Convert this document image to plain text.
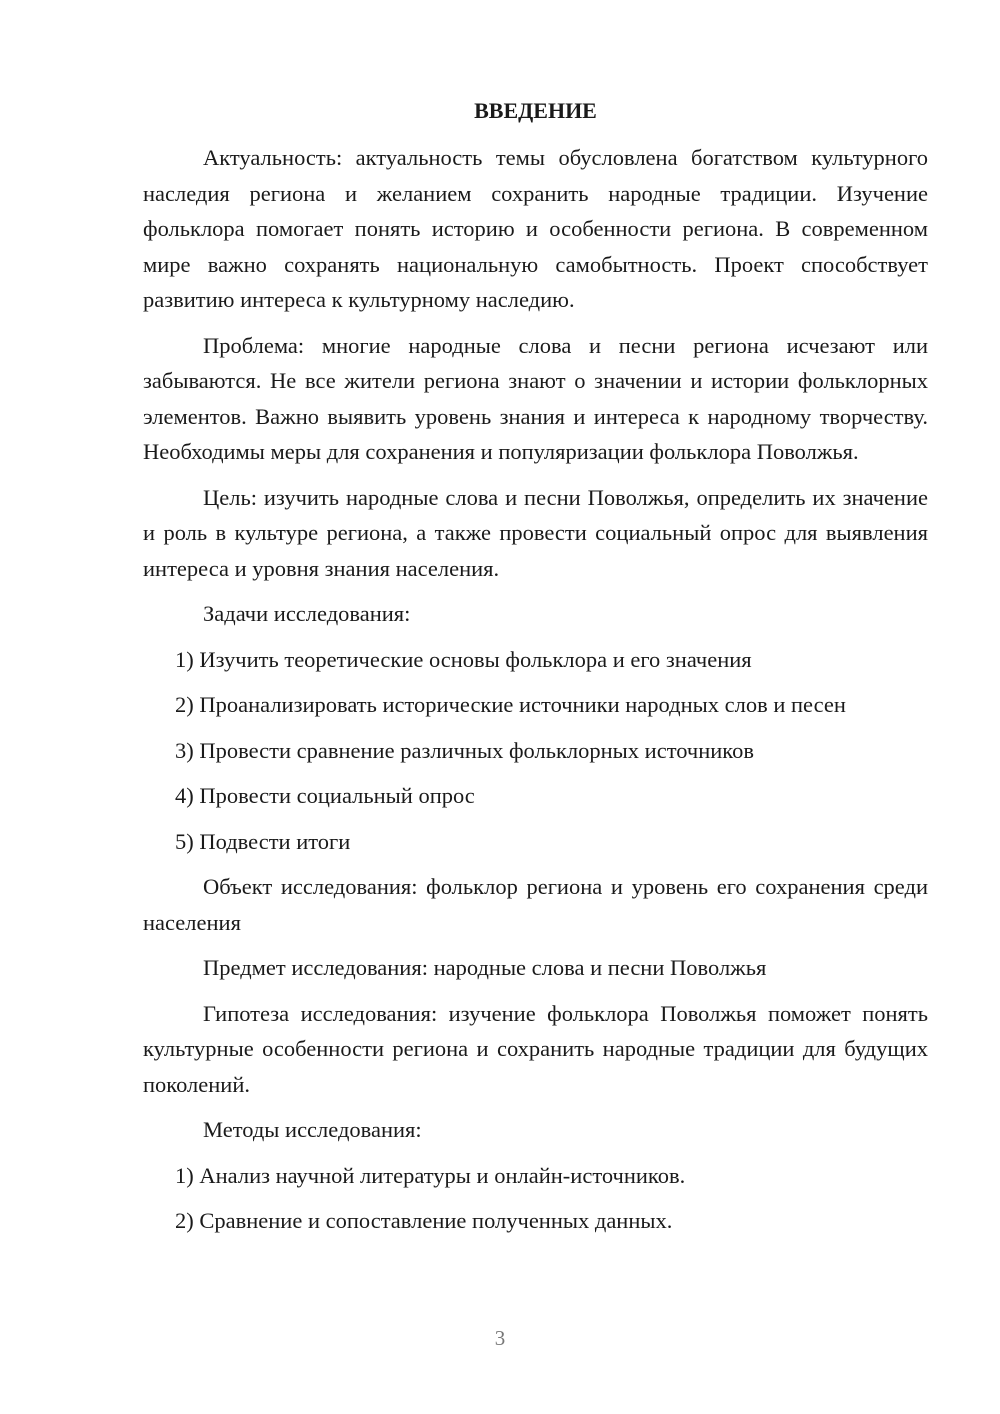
ВВЕДЕНИЕ

Актуальность: актуальность темы обусловлена богатством культурного наследия региона и желанием сохранить народные традиции. Изучение фольклора помогает понять историю и особенности региона. В современном мире важно сохранять национальную самобытность. Проект способствует развитию интереса к культурному наследию.

Проблема: многие народные слова и песни региона исчезают или забываются. Не все жители региона знают о значении и истории фольклорных элементов. Важно выявить уровень знания и интереса к народному творчеству. Необходимы меры для сохранения и популяризации фольклора Поволжья.

Цель: изучить народные слова и песни Поволжья, определить их значение и роль в культуре региона, а также провести социальный опрос для выявления интереса и уровня знания населения.

Задачи исследования:

1) Изучить теоретические основы фольклора и его значения

2) Проанализировать исторические источники народных слов и песен

3) Провести сравнение различных фольклорных источников

4) Провести социальный опрос

5) Подвести итоги

Объект исследования: фольклор региона и уровень его сохранения среди населения

Предмет исследования: народные слова и песни Поволжья

Гипотеза исследования: изучение фольклора Поволжья поможет понять культурные особенности региона и сохранить народные традиции для будущих поколений.

Методы исследования:

1) Анализ научной литературы и онлайн-источников.

2) Сравнение и сопоставление полученных данных.

3
